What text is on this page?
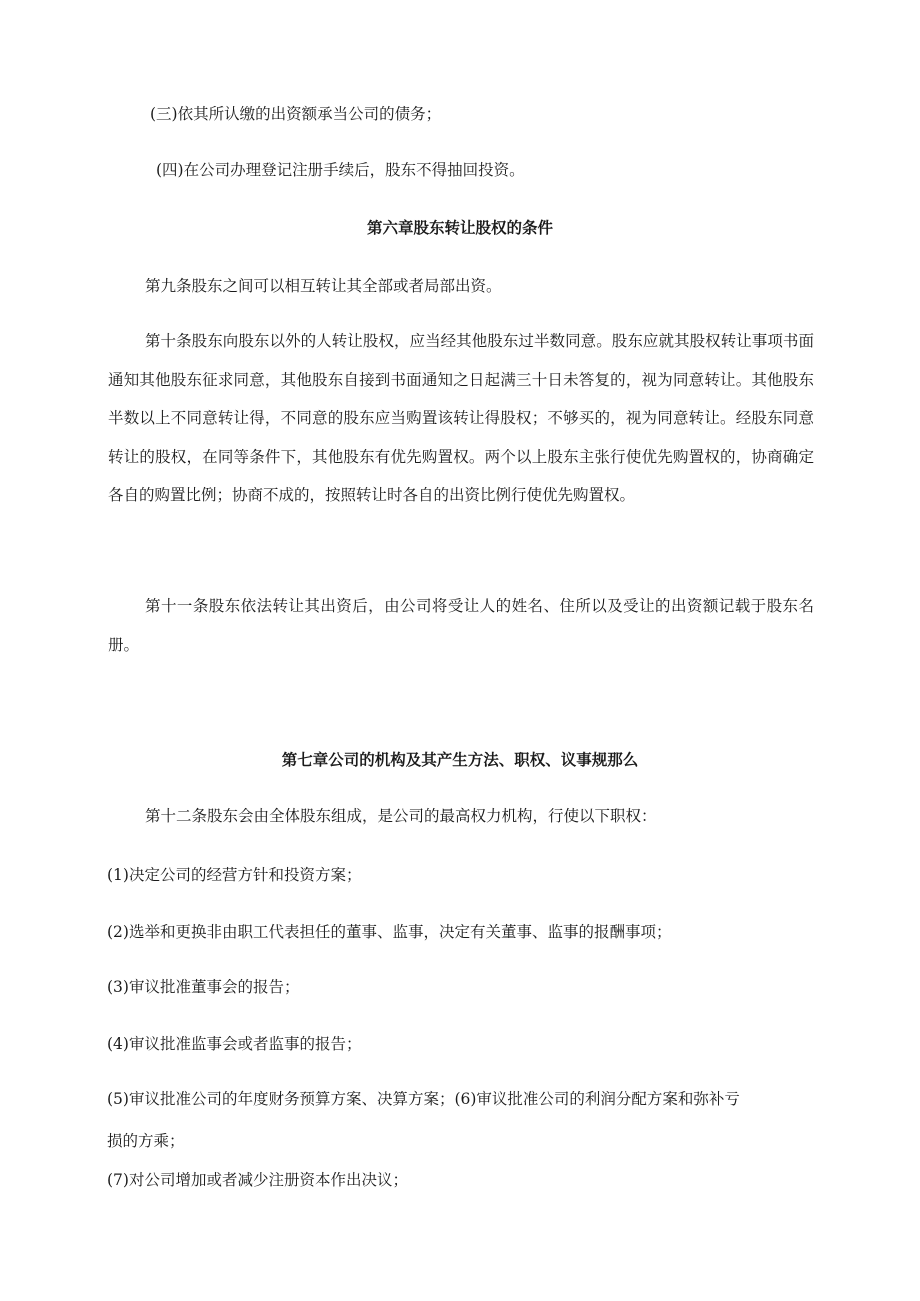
(三)依其所认缴的出资额承当公司的债务；
(四)在公司办理登记注册手续后，股东不得抽回投资。
第六章股东转让股权的条件
第九条股东之间可以相互转让其全部或者局部出资。
第十条股东向股东以外的人转让股权，应当经其他股东过半数同意。股东应就其股权转让事项书面通知其他股东征求同意，其他股东自接到书面通知之日起满三十日未答复的，视为同意转让。其他股东半数以上不同意转让得，不同意的股东应当购置该转让得股权；不够买的，视为同意转让。经股东同意转让的股权，在同等条件下，其他股东有优先购置权。两个以上股东主张行使优先购置权的，协商确定各自的购置比例；协商不成的，按照转让时各自的出资比例行使优先购置权。
第十一条股东依法转让其出资后，由公司将受让人的姓名、住所以及受让的出资额记载于股东名册。
第七章公司的机构及其产生方法、职权、议事规那么
第十二条股东会由全体股东组成，是公司的最高权力机构，行使以下职权：
(1)决定公司的经营方针和投资方案；
(2)选举和更换非由职工代表担任的董事、监事，决定有关董事、监事的报酬事项；
(3)审议批准董事会的报告；
(4)审议批准监事会或者监事的报告；
(5)审议批准公司的年度财务预算方案、决算方案；(6)审议批准公司的利润分配方案和弥补亏
损的方乘；
(7)对公司增加或者减少注册资本作出决议；
